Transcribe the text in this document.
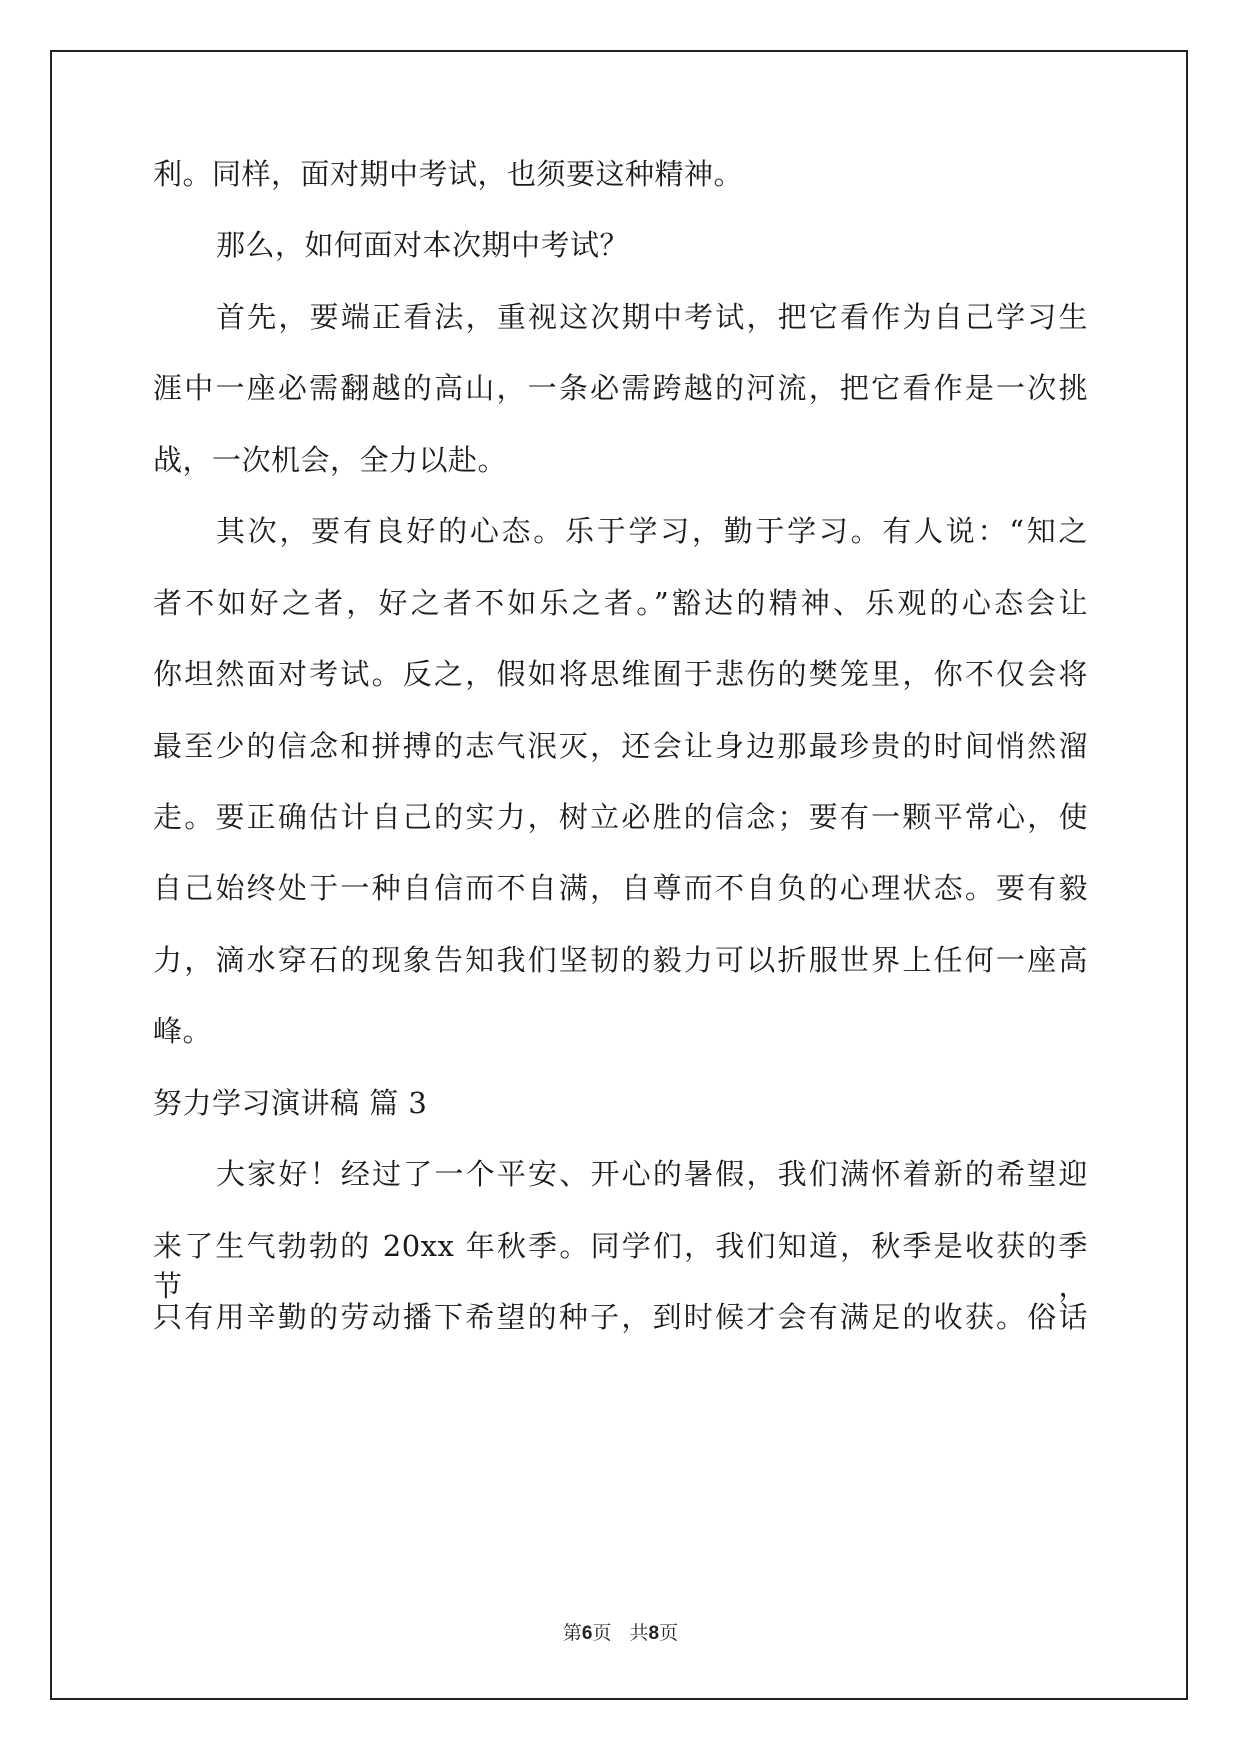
利。同样，面对期中考试，也须要这种精神。
那么，如何面对本次期中考试？
首先，要端正看法，重视这次期中考试，把它看作为自己学习生
涯中一座必需翻越的高山，一条必需跨越的河流，把它看作是一次挑
战，一次机会，全力以赴。
其次，要有良好的心态。乐于学习，勤于学习。有人说：“知之
者不如好之者，好之者不如乐之者。”豁达的精神、乐观的心态会让
你坦然面对考试。反之，假如将思维囿于悲伤的樊笼里，你不仅会将
最至少的信念和拼搏的志气泯灭，还会让身边那最珍贵的时间悄然溜
走。要正确估计自己的实力，树立必胜的信念；要有一颗平常心，使
自己始终处于一种自信而不自满，自尊而不自负的心理状态。要有毅
力，滴水穿石的现象告知我们坚韧的毅力可以折服世界上任何一座高
峰。
努力学习演讲稿 篇 3
大家好！经过了一个平安、开心的暑假，我们满怀着新的希望迎
来了生气勃勃的 20xx 年秋季。同学们，我们知道，秋季是收获的季节，
只有用辛勤的劳动播下希望的种子，到时候才会有满足的收获。俗话
第6页 共8页
